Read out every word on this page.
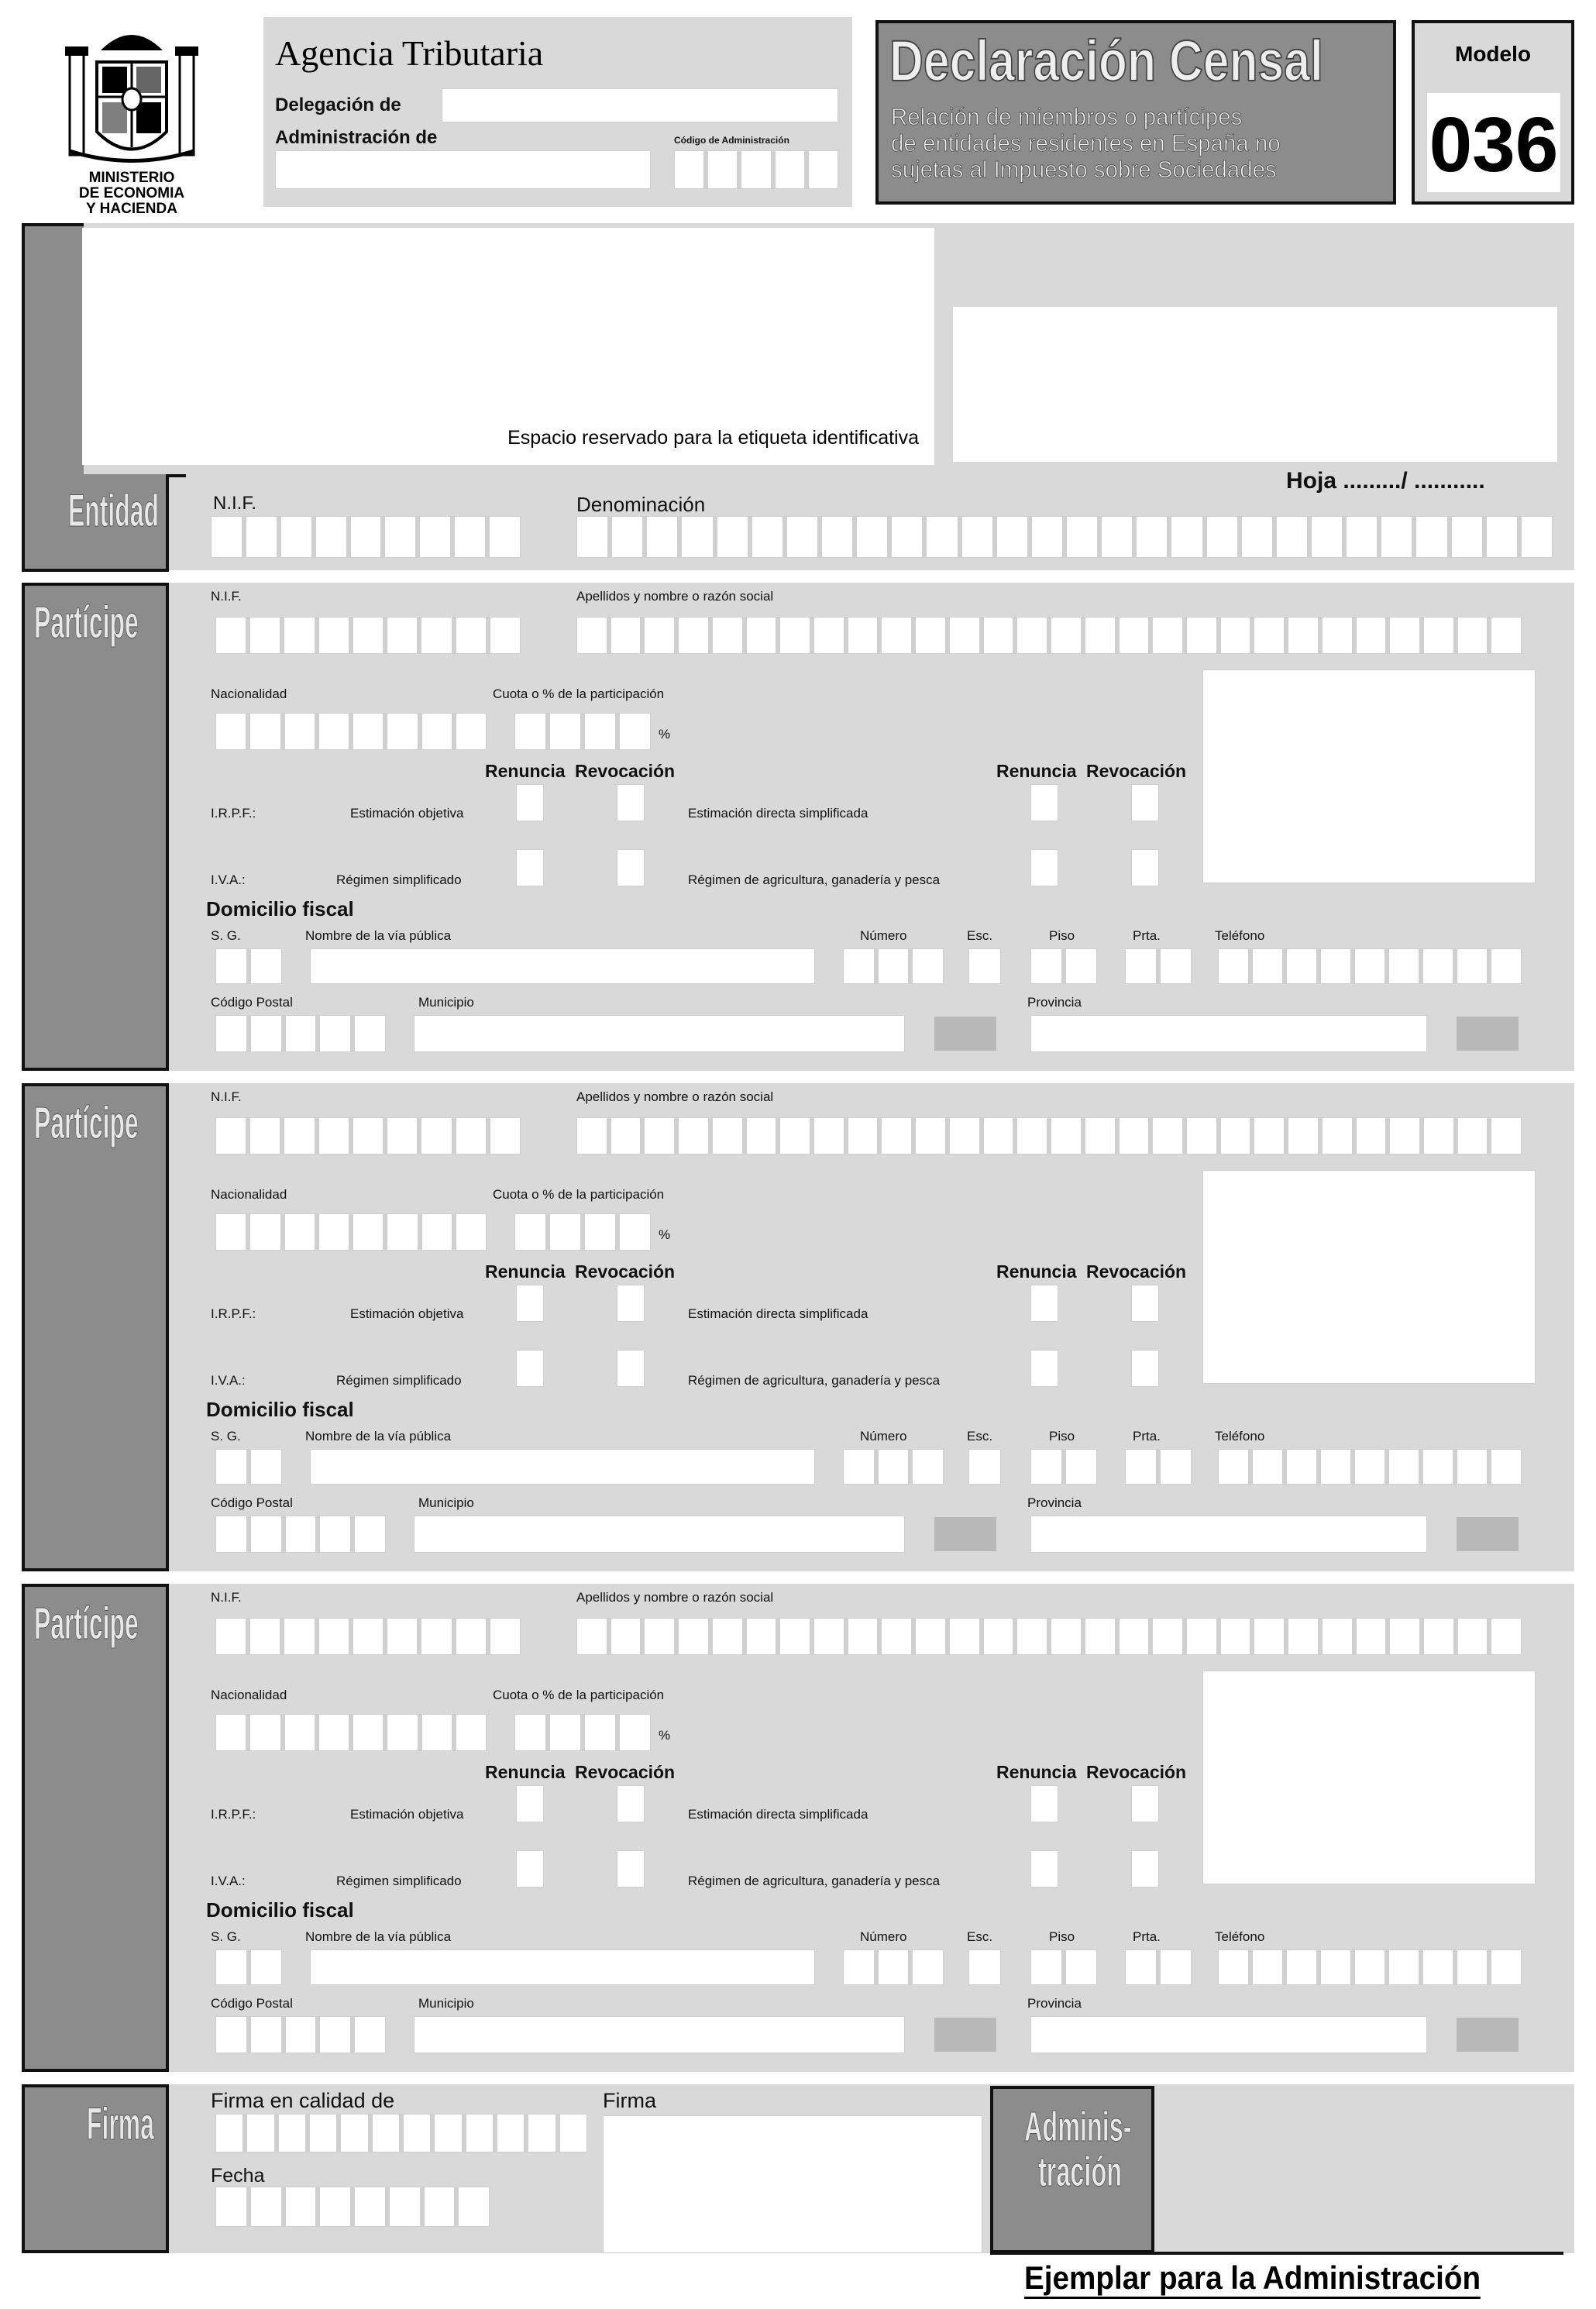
MINISTERIO
DE ECONOMIA
Y HACIENDA
Agencia Tributaria
Delegación de
Administración de	Código de Administración
Declaración Censal
Relación de miembros o partícipes
de entidades residentes en España no
sujetas al Impuesto sobre Sociedades
Modelo
036
Espacio reservado para la etiqueta identificativa
Entidad	N.I.F.	Denominación
Hoja ........./ ...........
Partícipe
N.I.F.	Apellidos y nombre o razón social
Nacionalidad	Cuota o % de la participación
%
Renuncia Revocación	Renuncia Revocación
I.R.P.F.:	Estimación objetiva	Estimación directa simplificada
I.V.A.:	Régimen simplificado	Régimen de agricultura, ganadería y pesca
Domicilio fiscal
S. G.	Nombre de la vía pública	Número	Esc.	Piso	Prta.	Teléfono
Código Postal	Municipio	Provincia
Partícipe
N.I.F.	Apellidos y nombre o razón social
Nacionalidad	Cuota o % de la participación
%
Renuncia Revocación	Renuncia Revocación
I.R.P.F.:	Estimación objetiva	Estimación directa simplificada
I.V.A.:	Régimen simplificado	Régimen de agricultura, ganadería y pesca
Domicilio fiscal
S. G.	Nombre de la vía pública	Número	Esc.	Piso	Prta.	Teléfono
Código Postal	Municipio	Provincia
Partícipe
N.I.F.	Apellidos y nombre o razón social
Nacionalidad	Cuota o % de la participación
%
Renuncia Revocación	Renuncia Revocación
I.R.P.F.:	Estimación objetiva	Estimación directa simplificada
I.V.A.:	Régimen simplificado	Régimen de agricultura, ganadería y pesca
Domicilio fiscal
S. G.	Nombre de la vía pública	Número	Esc.	Piso	Prta.	Teléfono
Código Postal	Municipio	Provincia
Firma	Firma en calidad de
Fecha
Firma
Adminis-
tración
Ejemplar para la Administración
